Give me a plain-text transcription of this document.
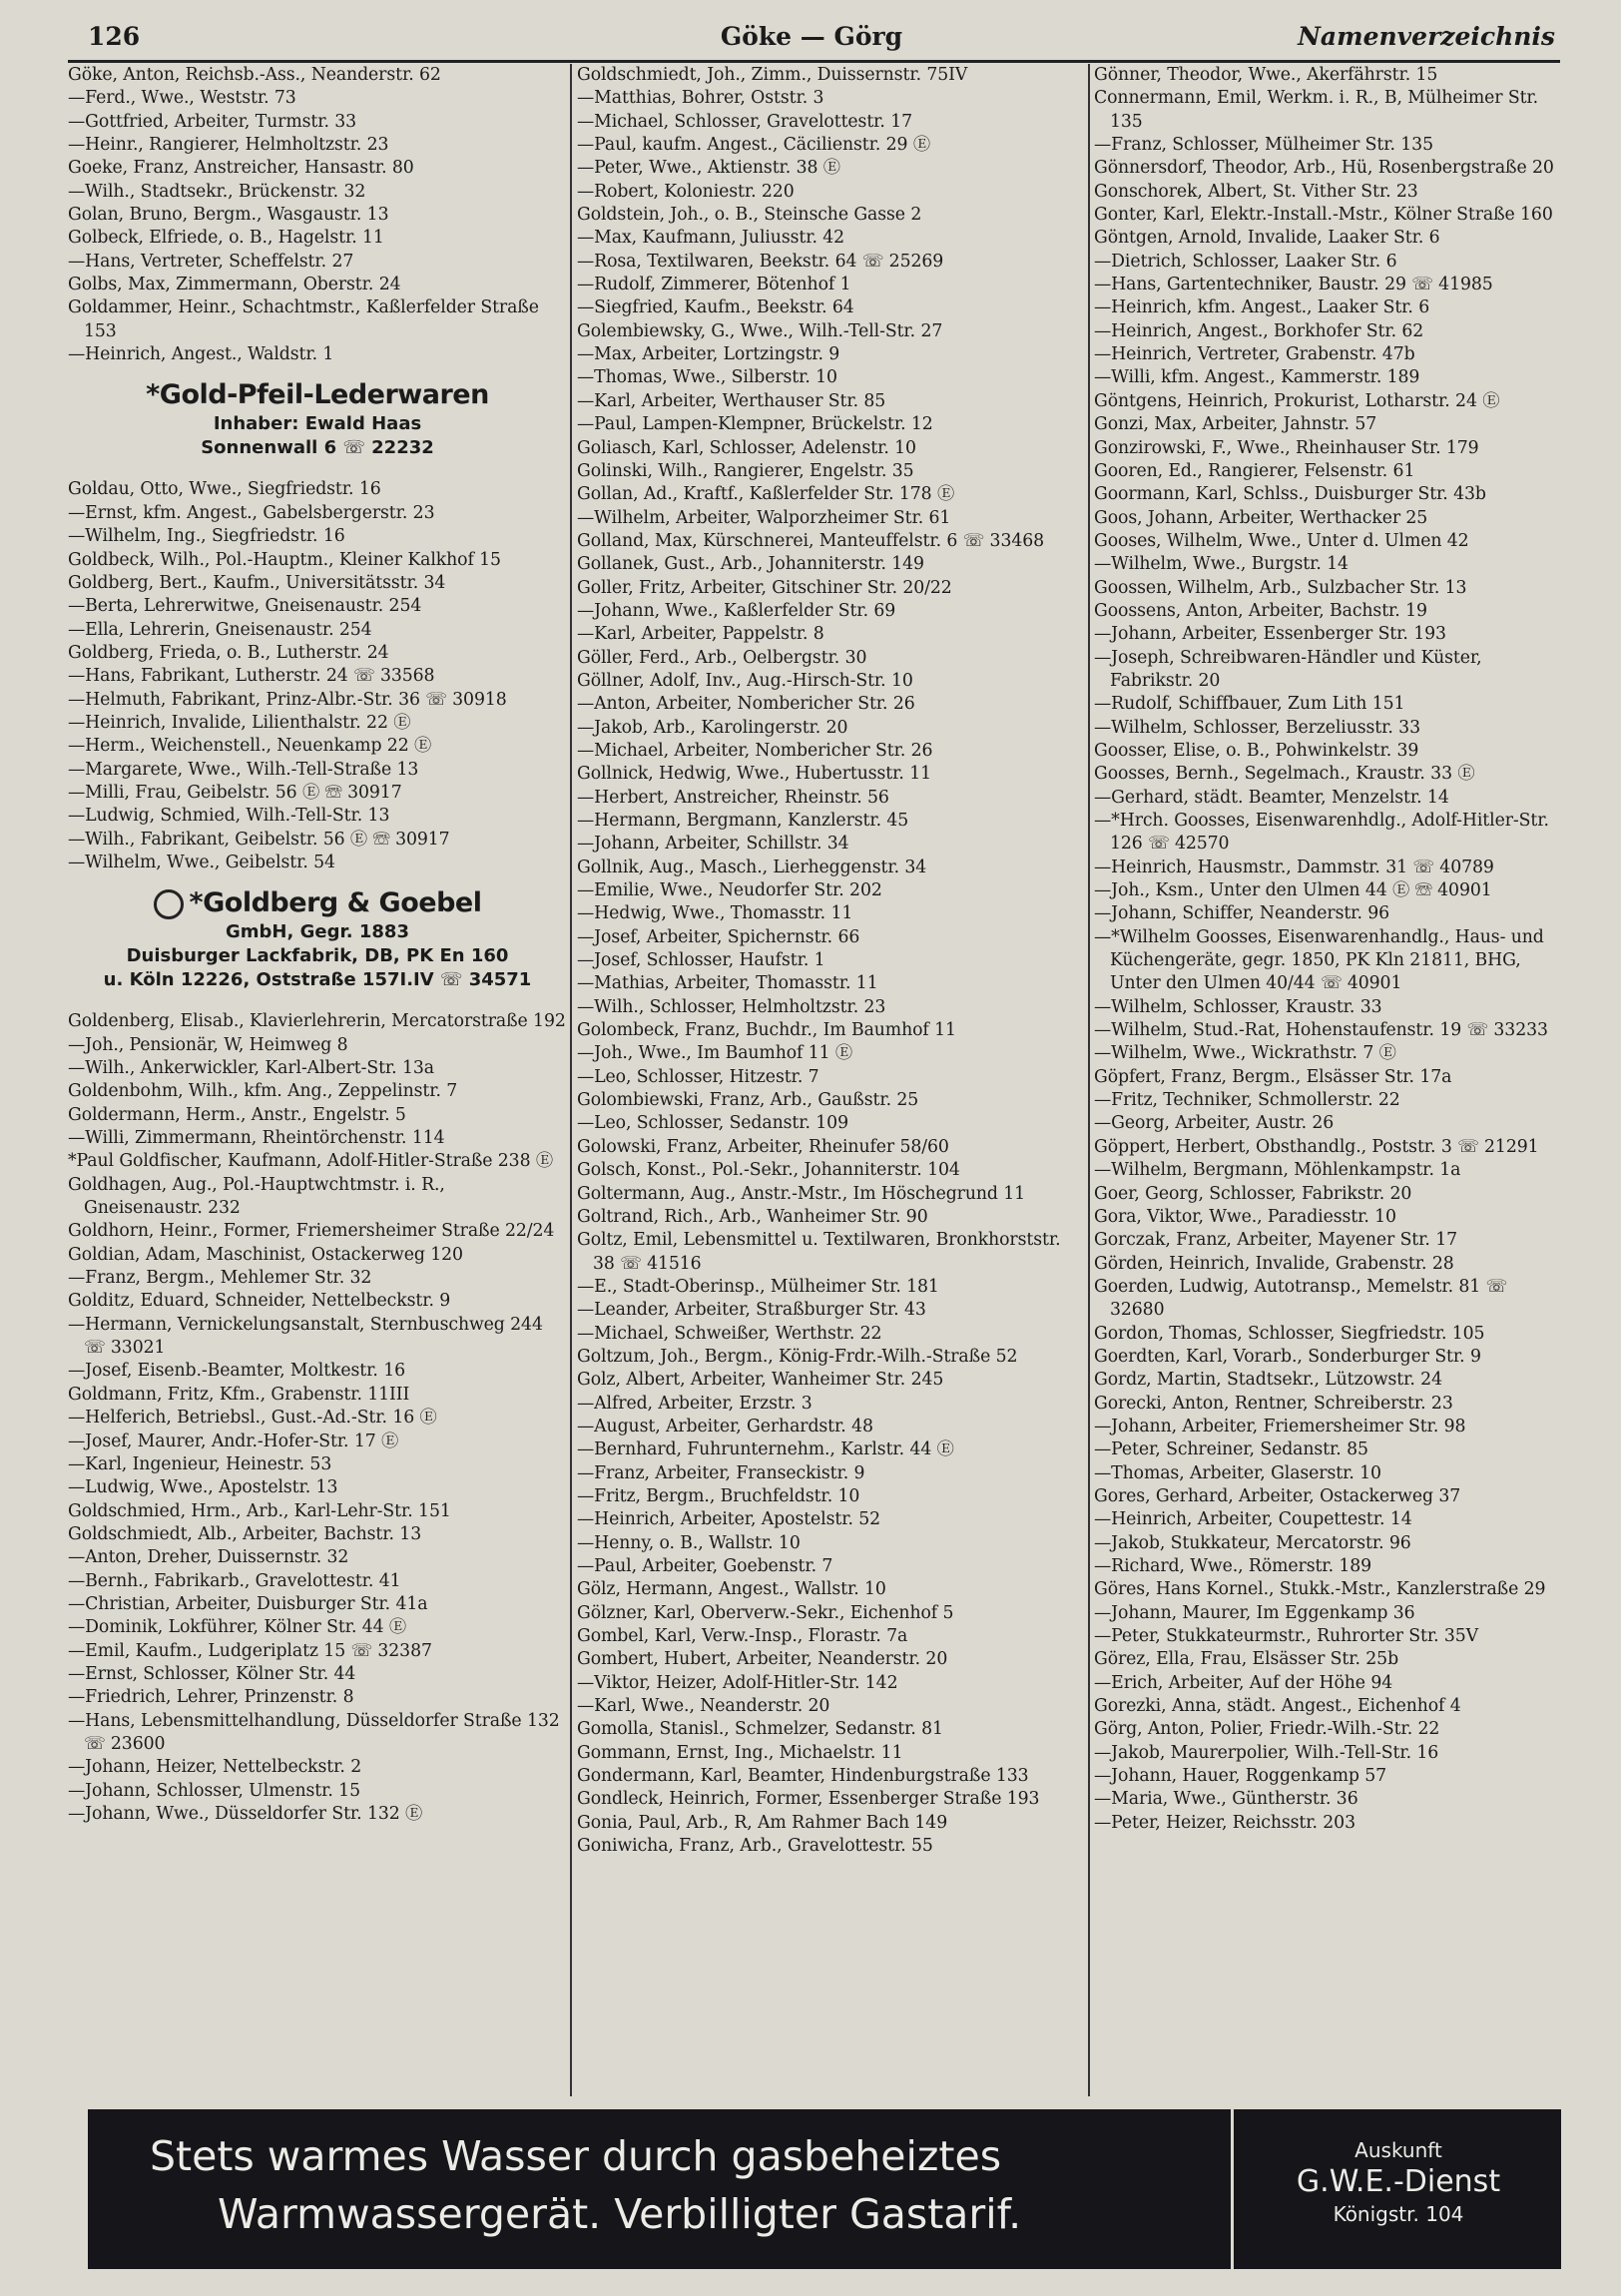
126	Göke — Görg	Namenverzeichnis
Göke, Anton, Reichsb.-Ass., Neanderstr. 62
—Ferd., Wwe., Weststr. 73
—Gottfried, Arbeiter, Turmstr. 33
—Heinr., Rangierer, Helmholtzstr. 23
Goeke, Franz, Anstreicher, Hansastr. 80
—Wilh., Stadtsekr., Brückenstr. 32
Golan, Bruno, Bergm., Wasgaustr. 13
Golbeck, Elfriede, o. B., Hagelstr. 11
—Hans, Vertreter, Scheffelstr. 27
Golbs, Max, Zimmermann, Oberstr. 24
Goldammer, Heinr., Schachtmstr., Kaßlerfelder Straße 153
—Heinrich, Angest., Waldstr. 1
*Gold-Pfeil-Lederwaren
Inhaber: Ewald Haas
Sonnenwall 6 ☏ 22232
Goldau, Otto, Wwe., Siegfriedstr. 16
—Ernst, kfm. Angest., Gabelsbergerstr. 23
—Wilhelm, Ing., Siegfriedstr. 16
Goldbeck, Wilh., Pol.-Hauptm., Kleiner Kalkhof 15
Goldberg, Bert., Kaufm., Universitätsstr. 34
—Berta, Lehrerwitwe, Gneisenaustr. 254
—Ella, Lehrerin, Gneisenaustr. 254
Goldberg, Frieda, o. B., Lutherstr. 24
—Hans, Fabrikant, Lutherstr. 24 ☏ 33568
—Helmuth, Fabrikant, Prinz-Albr.-Str. 36 ☏ 30918
—Heinrich, Invalide, Lilienthalstr. 22 Ⓔ
—Herm., Weichenstell., Neuenkamp 22 Ⓔ
—Margarete, Wwe., Wilh.-Tell-Straße 13
—Milli, Frau, Geibelstr. 56 Ⓔ ☏ 30917
—Ludwig, Schmied, Wilh.-Tell-Str. 13
—Wilh., Fabrikant, Geibelstr. 56 Ⓔ ☏ 30917
—Wilhelm, Wwe., Geibelstr. 54
*Goldberg & Goebel
GmbH, Gegr. 1883
Duisburger Lackfabrik, DB, PK En 160
u. Köln 12226, Oststraße 157I.IV ☏ 34571
Goldenberg, Elisab., Klavierlehrerin, Mercatorstraße 192
—Joh., Pensionär, W, Heimweg 8
—Wilh., Ankerwickler, Karl-Albert-Str. 13a
Goldenbohm, Wilh., kfm. Ang., Zeppelinstr. 7
Goldermann, Herm., Anstr., Engelstr. 5
—Willi, Zimmermann, Rheintörchenstr. 114
*Paul Goldfischer, Kaufmann, Adolf-Hitler-Straße 238 Ⓔ
Goldhagen, Aug., Pol.-Hauptwchtmstr. i. R., Gneisenaustr. 232
Goldhorn, Heinr., Former, Friemersheimer Straße 22/24
Goldian, Adam, Maschinist, Ostackerweg 120
—Franz, Bergm., Mehlemer Str. 32
Golditz, Eduard, Schneider, Nettelbeckstr. 9
—Hermann, Vernickelungsanstalt, Sternbuschweg 244 ☏ 33021
—Josef, Eisenb.-Beamter, Moltkestr. 16
Goldmann, Fritz, Kfm., Grabenstr. 11III
—Helferich, Betriebsl., Gust.-Ad.-Str. 16 Ⓔ
—Josef, Maurer, Andr.-Hofer-Str. 17 Ⓔ
—Karl, Ingenieur, Heinestr. 53
—Ludwig, Wwe., Apostelstr. 13
Goldschmied, Hrm., Arb., Karl-Lehr-Str. 151
Goldschmiedt, Alb., Arbeiter, Bachstr. 13
—Anton, Dreher, Duissernstr. 32
—Bernh., Fabrikarb., Gravelottestr. 41
—Christian, Arbeiter, Duisburger Str. 41a
—Dominik, Lokführer, Kölner Str. 44 Ⓔ
—Emil, Kaufm., Ludgeriplatz 15 ☏ 32387
—Ernst, Schlosser, Kölner Str. 44
—Friedrich, Lehrer, Prinzenstr. 8
—Hans, Lebensmittelhandlung, Düsseldorfer Straße 132 ☏ 23600
—Johann, Heizer, Nettelbeckstr. 2
—Johann, Schlosser, Ulmenstr. 15
—Johann, Wwe., Düsseldorfer Str. 132 Ⓔ
Goldschmiedt, Joh., Zimm., Duissernstr. 75IV
—Matthias, Bohrer, Oststr. 3
—Michael, Schlosser, Gravelottestr. 17
—Paul, kaufm. Angest., Cäcilienstr. 29 Ⓔ
—Peter, Wwe., Aktienstr. 38 Ⓔ
—Robert, Koloniestr. 220
Goldstein, Joh., o. B., Steinsche Gasse 2
—Max, Kaufmann, Juliusstr. 42
—Rosa, Textilwaren, Beekstr. 64 ☏ 25269
—Rudolf, Zimmerer, Bötenhof 1
—Siegfried, Kaufm., Beekstr. 64
Golembiewsky, G., Wwe., Wilh.-Tell-Str. 27
—Max, Arbeiter, Lortzingstr. 9
—Thomas, Wwe., Silberstr. 10
—Karl, Arbeiter, Werthauser Str. 85
—Paul, Lampen-Klempner, Brückelstr. 12
Goliasch, Karl, Schlosser, Adelenstr. 10
Golinski, Wilh., Rangierer, Engelstr. 35
Gollan, Ad., Kraftf., Kaßlerfelder Str. 178 Ⓔ
—Wilhelm, Arbeiter, Walporzheimer Str. 61
Golland, Max, Kürschnerei, Manteuffelstr. 6 ☏ 33468
Gollanek, Gust., Arb., Johanniterstr. 149
Goller, Fritz, Arbeiter, Gitschiner Str. 20/22
—Johann, Wwe., Kaßlerfelder Str. 69
—Karl, Arbeiter, Pappelstr. 8
Göller, Ferd., Arb., Oelbergstr. 30
Göllner, Adolf, Inv., Aug.-Hirsch-Str. 10
—Anton, Arbeiter, Nombericher Str. 26
—Jakob, Arb., Karolingerstr. 20
—Michael, Arbeiter, Nombericher Str. 26
Gollnick, Hedwig, Wwe., Hubertusstr. 11
—Herbert, Anstreicher, Rheinstr. 56
—Hermann, Bergmann, Kanzlerstr. 45
—Johann, Arbeiter, Schillstr. 34
Gollnik, Aug., Masch., Lierheggenstr. 34
—Emilie, Wwe., Neudorfer Str. 202
—Hedwig, Wwe., Thomasstr. 11
—Josef, Arbeiter, Spichernstr. 66
—Josef, Schlosser, Haufstr. 1
—Mathias, Arbeiter, Thomasstr. 11
—Wilh., Schlosser, Helmholtzstr. 23
Golombeck, Franz, Buchdr., Im Baumhof 11
—Joh., Wwe., Im Baumhof 11 Ⓔ
—Leo, Schlosser, Hitzestr. 7
Golombiewski, Franz, Arb., Gaußstr. 25
—Leo, Schlosser, Sedanstr. 109
Golowski, Franz, Arbeiter, Rheinufer 58/60
Golsch, Konst., Pol.-Sekr., Johanniterstr. 104
Goltermann, Aug., Anstr.-Mstr., Im Höschegrund 11
Goltrand, Rich., Arb., Wanheimer Str. 90
Goltz, Emil, Lebensmittel u. Textilwaren, Bronkhorststr. 38 ☏ 41516
—E., Stadt-Oberinsp., Mülheimer Str. 181
—Leander, Arbeiter, Straßburger Str. 43
—Michael, Schweißer, Werthstr. 22
Goltzum, Joh., Bergm., König-Frdr.-Wilh.-Straße 52
Golz, Albert, Arbeiter, Wanheimer Str. 245
—Alfred, Arbeiter, Erzstr. 3
—August, Arbeiter, Gerhardstr. 48
—Bernhard, Fuhrunternehm., Karlstr. 44 Ⓔ
—Franz, Arbeiter, Franseckistr. 9
—Fritz, Bergm., Bruchfeldstr. 10
—Heinrich, Arbeiter, Apostelstr. 52
—Henny, o. B., Wallstr. 10
—Paul, Arbeiter, Goebenstr. 7
Gölz, Hermann, Angest., Wallstr. 10
Gölzner, Karl, Oberverw.-Sekr., Eichenhof 5
Gombel, Karl, Verw.-Insp., Florastr. 7a
Gombert, Hubert, Arbeiter, Neanderstr. 20
—Viktor, Heizer, Adolf-Hitler-Str. 142
—Karl, Wwe., Neanderstr. 20
Gomolla, Stanisl., Schmelzer, Sedanstr. 81
Gommann, Ernst, Ing., Michaelstr. 11
Gondermann, Karl, Beamter, Hindenburgstraße 133
Gondleck, Heinrich, Former, Essenberger Straße 193
Gonia, Paul, Arb., R, Am Rahmer Bach 149
Goniwicha, Franz, Arb., Gravelottestr. 55
Gönner, Theodor, Wwe., Akerfährstr. 15
Connermann, Emil, Werkm. i. R., B, Mülheimer Str. 135
—Franz, Schlosser, Mülheimer Str. 135
Gönnersdorf, Theodor, Arb., Hü, Rosenbergstraße 20
Gonschorek, Albert, St. Vither Str. 23
Gonter, Karl, Elektr.-Install.-Mstr., Kölner Straße 160
Göntgen, Arnold, Invalide, Laaker Str. 6
—Dietrich, Schlosser, Laaker Str. 6
—Hans, Gartentechniker, Baustr. 29 ☏ 41985
—Heinrich, kfm. Angest., Laaker Str. 6
—Heinrich, Angest., Borkhofer Str. 62
—Heinrich, Vertreter, Grabenstr. 47b
—Willi, kfm. Angest., Kammerstr. 189
Göntgens, Heinrich, Prokurist, Lotharstr. 24 Ⓔ
Gonzi, Max, Arbeiter, Jahnstr. 57
Gonzirowski, F., Wwe., Rheinhauser Str. 179
Gooren, Ed., Rangierer, Felsenstr. 61
Goormann, Karl, Schlss., Duisburger Str. 43b
Goos, Johann, Arbeiter, Werthacker 25
Gooses, Wilhelm, Wwe., Unter d. Ulmen 42
—Wilhelm, Wwe., Burgstr. 14
Goossen, Wilhelm, Arb., Sulzbacher Str. 13
Goossens, Anton, Arbeiter, Bachstr. 19
—Johann, Arbeiter, Essenberger Str. 193
—Joseph, Schreibwaren-Händler und Küster, Fabrikstr. 20
—Rudolf, Schiffbauer, Zum Lith 151
—Wilhelm, Schlosser, Berzeliusstr. 33
Goosser, Elise, o. B., Pohwinkelstr. 39
Goosses, Bernh., Segelmach., Kraustr. 33 Ⓔ
—Gerhard, städt. Beamter, Menzelstr. 14
—*Hrch. Goosses, Eisenwarenhdlg., Adolf-Hitler-Str. 126 ☏ 42570
—Heinrich, Hausmstr., Dammstr. 31 ☏ 40789
—Joh., Ksm., Unter den Ulmen 44 Ⓔ ☏ 40901
—Johann, Schiffer, Neanderstr. 96
—*Wilhelm Goosses, Eisenwarenhandlg., Haus- und Küchengeräte, gegr. 1850, PK Kln 21811, BHG, Unter den Ulmen 40/44 ☏ 40901
—Wilhelm, Schlosser, Kraustr. 33
—Wilhelm, Stud.-Rat, Hohenstaufenstr. 19 ☏ 33233
—Wilhelm, Wwe., Wickrathstr. 7 Ⓔ
Göpfert, Franz, Bergm., Elsässer Str. 17a
—Fritz, Techniker, Schmollerstr. 22
—Georg, Arbeiter, Austr. 26
Göppert, Herbert, Obsthandlg., Poststr. 3 ☏ 21291
—Wilhelm, Bergmann, Möhlenkampstr. 1a
Goer, Georg, Schlosser, Fabrikstr. 20
Gora, Viktor, Wwe., Paradiesstr. 10
Gorczak, Franz, Arbeiter, Mayener Str. 17
Görden, Heinrich, Invalide, Grabenstr. 28
Goerden, Ludwig, Autotransp., Memelstr. 81 ☏ 32680
Gordon, Thomas, Schlosser, Siegfriedstr. 105
Goerdten, Karl, Vorarb., Sonderburger Str. 9
Gordz, Martin, Stadtsekr., Lützowstr. 24
Gorecki, Anton, Rentner, Schreiberstr. 23
—Johann, Arbeiter, Friemersheimer Str. 98
—Peter, Schreiner, Sedanstr. 85
—Thomas, Arbeiter, Glaserstr. 10
Gores, Gerhard, Arbeiter, Ostackerweg 37
—Heinrich, Arbeiter, Coupettestr. 14
—Jakob, Stukkateur, Mercatorstr. 96
—Richard, Wwe., Römerstr. 189
Göres, Hans Kornel., Stukk.-Mstr., Kanzlerstraße 29
—Johann, Maurer, Im Eggenkamp 36
—Peter, Stukkateurmstr., Ruhrorter Str. 35V
Görez, Ella, Frau, Elsässer Str. 25b
—Erich, Arbeiter, Auf der Höhe 94
Gorezki, Anna, städt. Angest., Eichenhof 4
Görg, Anton, Polier, Friedr.-Wilh.-Str. 22
—Jakob, Maurerpolier, Wilh.-Tell-Str. 16
—Johann, Hauer, Roggenkamp 57
—Maria, Wwe., Güntherstr. 36
—Peter, Heizer, Reichsstr. 203
Stets warmes Wasser durch gasbeheiztes
Warmwassergerät. Verbilligter Gastarif.
Auskunft
G.W.E.-Dienst
Königstr. 104
